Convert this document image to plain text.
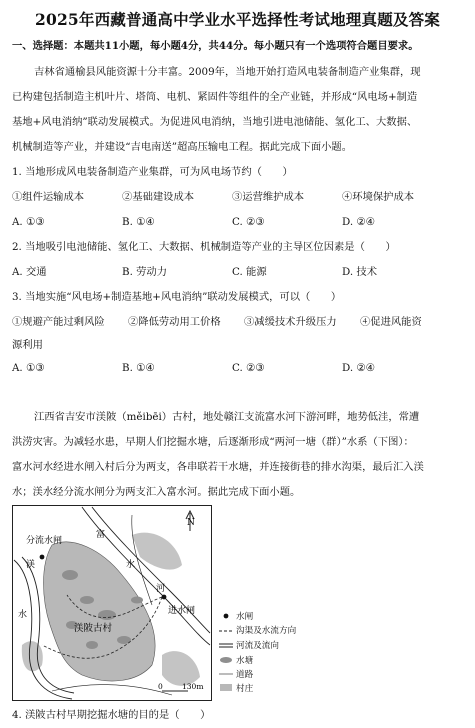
2025年西藏普通高中学业水平选择性考试地理真题及答案
一、选择题：本题共11小题，每小题4分，共44分。每小题只有一个选项符合题目要求。
吉林省通榆县风能资源十分丰富。2009年，当地开始打造风电装备制造产业集群，现
已构建包括制造主机叶片、塔筒、电机、紧固件等组件的全产业链，并形成“风电场+制造
基地+风电消纳”联动发展模式。为促进风电消纳，当地引进电池储能、氢化工、大数据、
机械制造等产业，并建设“吉电南送”超高压输电工程。据此完成下面小题。
1. 当地形成风电装备制造产业集群，可为风电场节约（　　）
①组件运输成本	②基础建设成本	③运营维护成本	④环境保护成本
A. ①③	B. ①④	C. ②③	D. ②④
2. 当地吸引电池储能、氢化工、大数据、机械制造等产业的主导区位因素是（　　）
A. 交通	B. 劳动力	C. 能源	D. 技术
3. 当地实施“风电场+制造基地+风电消纳”联动发展模式，可以（　　）
①规避产能过剩风险 ②降低劳动用工价格 ③减缓技术升级压力 ④促进风能资
源利用
A. ①③	B. ①④	C. ②③	D. ②④
江西省吉安市渼陂（měibēi）古村，地处赣江支流富水河下游河畔，地势低洼，常遭
洪涝灾害。为减轻水患，早期人们挖掘水塘，后逐渐形成“两河一塘（群）”水系（下图）：
富水河水经进水闸入村后分为两支，各串联若干水塘，并连接街巷的排水沟渠，最后汇入渼
水；渼水经分流水闸分为两支汇入富水河。据此完成下面小题。
N
分流水闸
渼
富
水
河
进水闸
渼陂古村
水
0	130m
水闸
沟渠及水流方向
河流及流向
水塘
道路
村庄
4. 渼陂古村早期挖掘水塘的目的是（　　）
